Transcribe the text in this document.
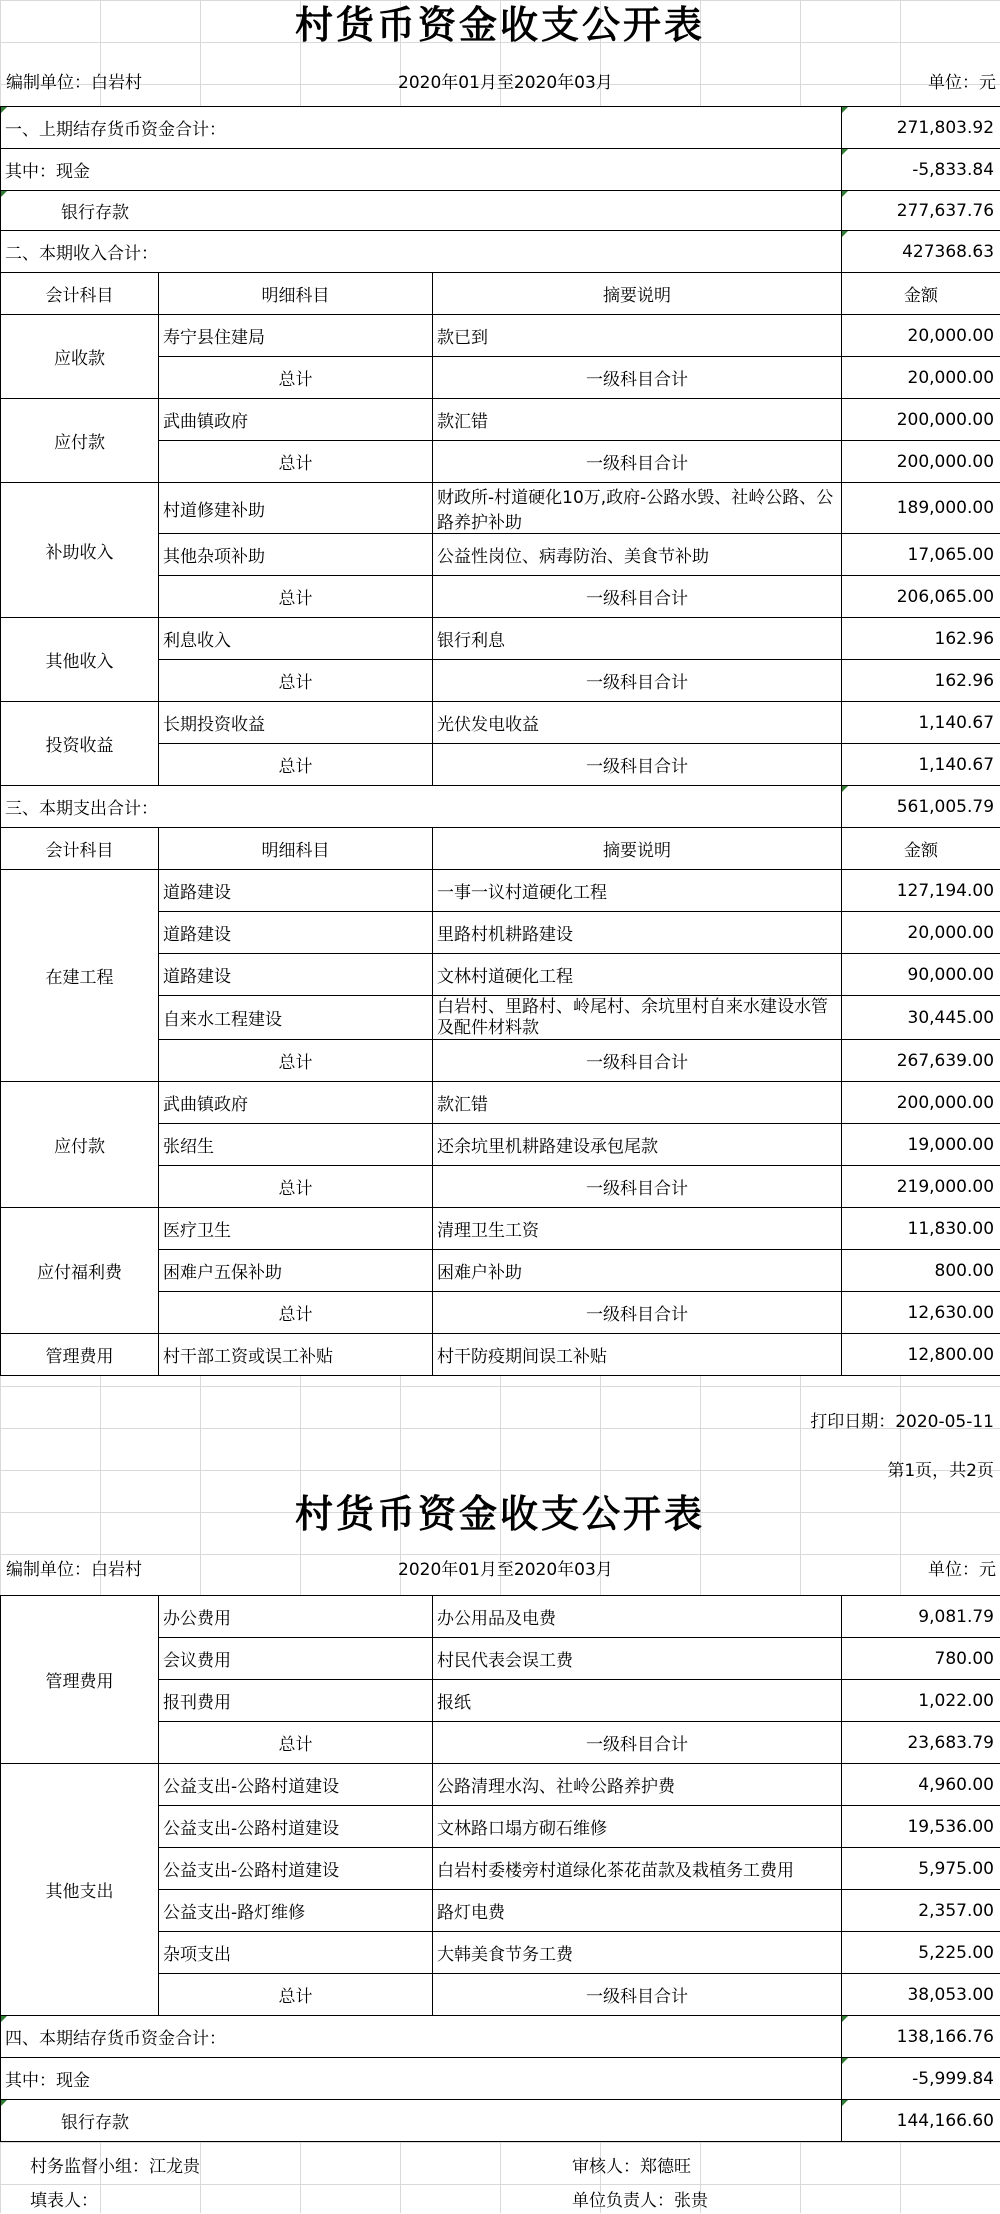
村货币资金收支公开表
编制单位：白岩村	2020年01月至2020年03月	单位：元
一、上期结存货币资金合计：			271,803.92
其中：现金			-5,833.84
银行存款			277,637.76
二、本期收入合计：			427368.63
会计科目	明细科目	摘要说明	金额
应收款	寿宁县住建局	款已到	20,000.00
	总计	一级科目合计	20,000.00
应付款	武曲镇政府	款汇错	200,000.00
	总计	一级科目合计	200,000.00
补助收入	村道修建补助	财政所-村道硬化10万,政府-公路水毁、社岭公路、公路养护补助	189,000.00
	其他杂项补助	公益性岗位、病毒防治、美食节补助	17,065.00
	总计	一级科目合计	206,065.00
其他收入	利息收入	银行利息	162.96
	总计	一级科目合计	162.96
投资收益	长期投资收益	光伏发电收益	1,140.67
	总计	一级科目合计	1,140.67
三、本期支出合计：			561,005.79
会计科目	明细科目	摘要说明	金额
在建工程	道路建设	一事一议村道硬化工程	127,194.00
	道路建设	里路村机耕路建设	20,000.00
	道路建设	文林村道硬化工程	90,000.00
	自来水工程建设	白岩村、里路村、岭尾村、余坑里村自来水建设水管及配件材料款	30,445.00
	总计	一级科目合计	267,639.00
应付款	武曲镇政府	款汇错	200,000.00
	张绍生	还余坑里机耕路建设承包尾款	19,000.00
	总计	一级科目合计	219,000.00
应付福利费	医疗卫生	清理卫生工资	11,830.00
	困难户五保补助	困难户补助	800.00
	总计	一级科目合计	12,630.00
管理费用	村干部工资或误工补贴	村干防疫期间误工补贴	12,800.00
打印日期：2020-05-11
第1页，共2页
村货币资金收支公开表
编制单位：白岩村	2020年01月至2020年03月	单位：元
管理费用	办公费用	办公用品及电费	9,081.79
	会议费用	村民代表会误工费	780.00
	报刊费用	报纸	1,022.00
	总计	一级科目合计	23,683.79
其他支出	公益支出-公路村道建设	公路清理水沟、社岭公路养护费	4,960.00
	公益支出-公路村道建设	文林路口塌方砌石维修	19,536.00
	公益支出-公路村道建设	白岩村委楼旁村道绿化茶花苗款及栽植务工费用	5,975.00
	公益支出-路灯维修	路灯电费	2,357.00
	杂项支出	大韩美食节务工费	5,225.00
	总计	一级科目合计	38,053.00
四、本期结存货币资金合计：			138,166.76
其中：现金			-5,999.84
银行存款			144,166.60
村务监督小组：江龙贵	审核人：郑德旺
填表人：	单位负责人：张贵
